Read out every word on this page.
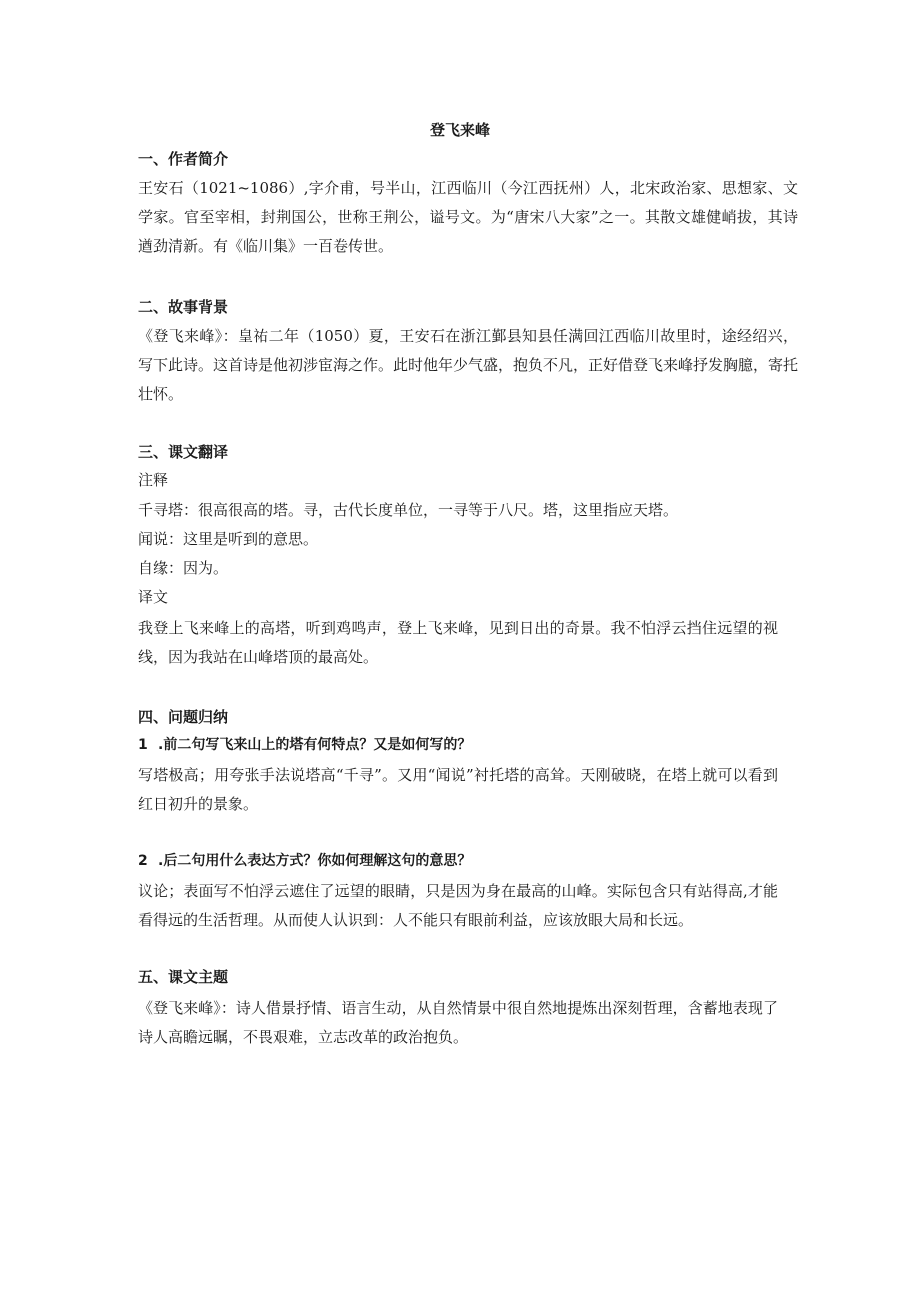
登飞来峰
一、作者简介
王安石（1021~1086）,字介甫，号半山，江西临川（今江西抚州）人，北宋政治家、思想家、文学家。官至宰相，封荆国公，世称王荆公，谥号文。为“唐宋八大家”之一。其散文雄健峭拔，其诗遒劲清新。有《临川集》一百卷传世。
二、故事背景
《登飞来峰》：皇祐二年（1050）夏，王安石在浙江鄞县知县任满回江西临川故里时，途经绍兴，写下此诗。这首诗是他初涉宦海之作。此时他年少气盛，抱负不凡，正好借登飞来峰抒发胸臆，寄托壮怀。
三、课文翻译
注释
千寻塔：很高很高的塔。寻，古代长度单位，一寻等于八尺。塔，这里指应天塔。
闻说：这里是听到的意思。
自缘：因为。
译文
我登上飞来峰上的高塔，听到鸡鸣声，登上飞来峰，见到日出的奇景。我不怕浮云挡住远望的视线，因为我站在山峰塔顶的最高处。
四、问题归纳
1 .前二句写飞来山上的塔有何特点？又是如何写的？
写塔极高；用夸张手法说塔高“千寻”。又用“闻说”衬托塔的高耸。天刚破晓，在塔上就可以看到红日初升的景象。
2 .后二句用什么表达方式？你如何理解这句的意思？
议论；表面写不怕浮云遮住了远望的眼睛，只是因为身在最高的山峰。实际包含只有站得高,才能看得远的生活哲理。从而使人认识到：人不能只有眼前利益，应该放眼大局和长远。
五、课文主题
《登飞来峰》：诗人借景抒情、语言生动，从自然情景中很自然地提炼出深刻哲理，含蓄地表现了诗人高瞻远瞩，不畏艰难，立志改革的政治抱负。
